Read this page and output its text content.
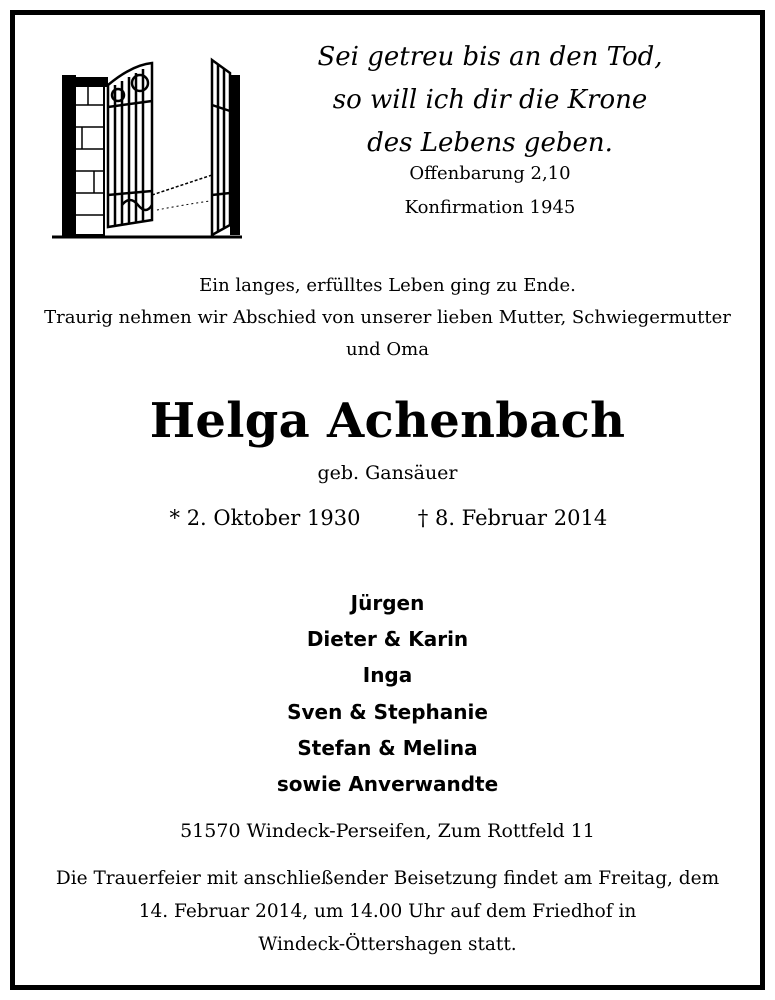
Sei getreu bis an den Tod,
so will ich dir die Krone
des Lebens geben.
Offenbarung 2,10
Konfirmation 1945
Ein langes, erfülltes Leben ging zu Ende.
Traurig nehmen wir Abschied von unserer lieben Mutter, Schwiegermutter
und Oma
Helga Achenbach
geb. Gansäuer
* 2. Oktober 1930	† 8. Februar 2014
Jürgen
Dieter & Karin
Inga
Sven & Stephanie
Stefan & Melina
sowie Anverwandte
51570 Windeck-Perseifen, Zum Rottfeld 11
Die Trauerfeier mit anschließender Beisetzung findet am Freitag, dem
14. Februar 2014, um 14.00 Uhr auf dem Friedhof in
Windeck-Öttershagen statt.
